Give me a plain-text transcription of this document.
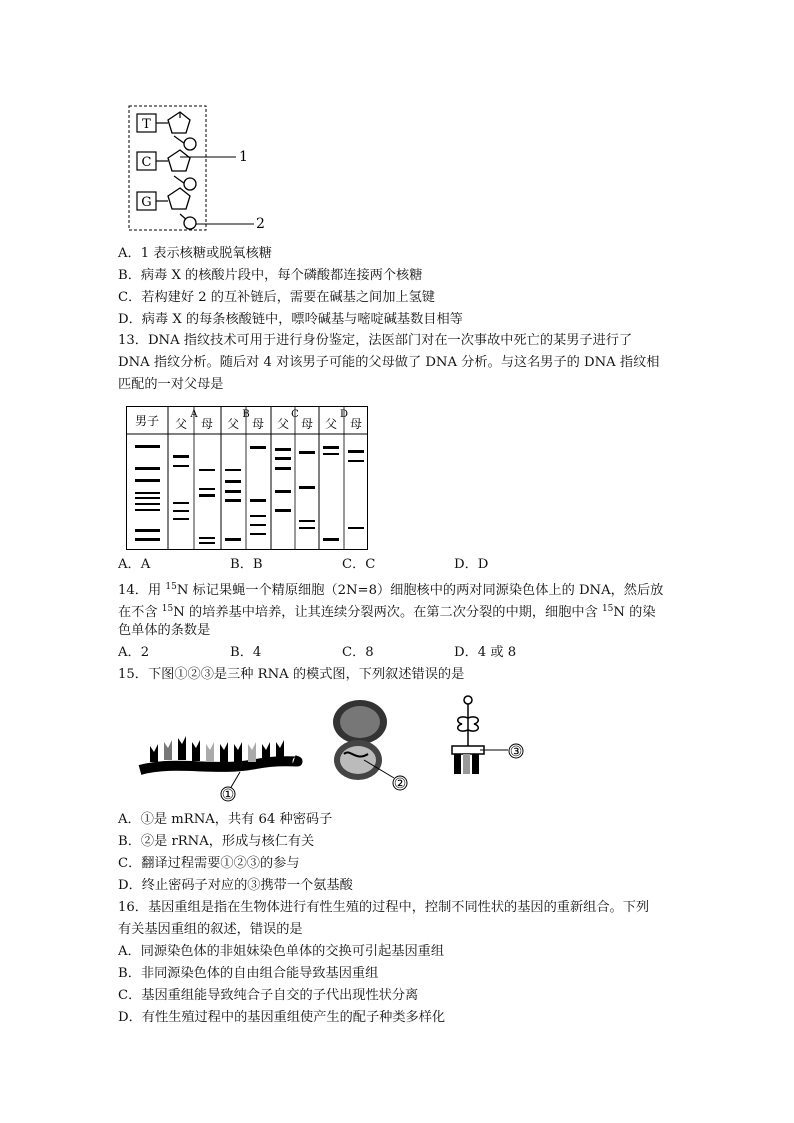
T
C
G
1
2
A．1 表示核糖或脱氧核糖
B．病毒 X 的核酸片段中，每个磷酸都连接两个核糖
C．若构建好 2 的互补链后，需要在碱基之间加上氢键
D．病毒 X 的每条核酸链中，嘌呤碱基与嘧啶碱基数目相等
13．DNA 指纹技术可用于进行身份鉴定，法医部门对在一次事故中死亡的某男子进行了
DNA 指纹分析。随后对 4 对该男子可能的父母做了 DNA 分析。与这名男子的 DNA 指纹相
匹配的一对父母是
男子	A	B	C	D
父 母 父 母 父 母 父 母
A．A	B．B	C．C	D．D
14．用 $^{15}$N 标记果蝇一个精原细胞（2N=8）细胞核中的两对同源染色体上的 DNA，然后放
在不含 $^{15}$N 的培养基中培养，让其连续分裂两次。在第二次分裂的中期，细胞中含 $^{15}$N 的染
色单体的条数是
A．2	B．4	C．8	D．4 或 8
15．下图①②③是三种 RNA 的模式图，下列叙述错误的是
①
②
③
A．①是 mRNA，共有 64 种密码子
B．②是 rRNA，形成与核仁有关
C．翻译过程需要①②③的参与
D．终止密码子对应的③携带一个氨基酸
16．基因重组是指在生物体进行有性生殖的过程中，控制不同性状的基因的重新组合。下列
有关基因重组的叙述，错误的是
A．同源染色体的非姐妹染色单体的交换可引起基因重组
B．非同源染色体的自由组合能导致基因重组
C．基因重组能导致纯合子自交的子代出现性状分离
D．有性生殖过程中的基因重组使产生的配子种类多样化
